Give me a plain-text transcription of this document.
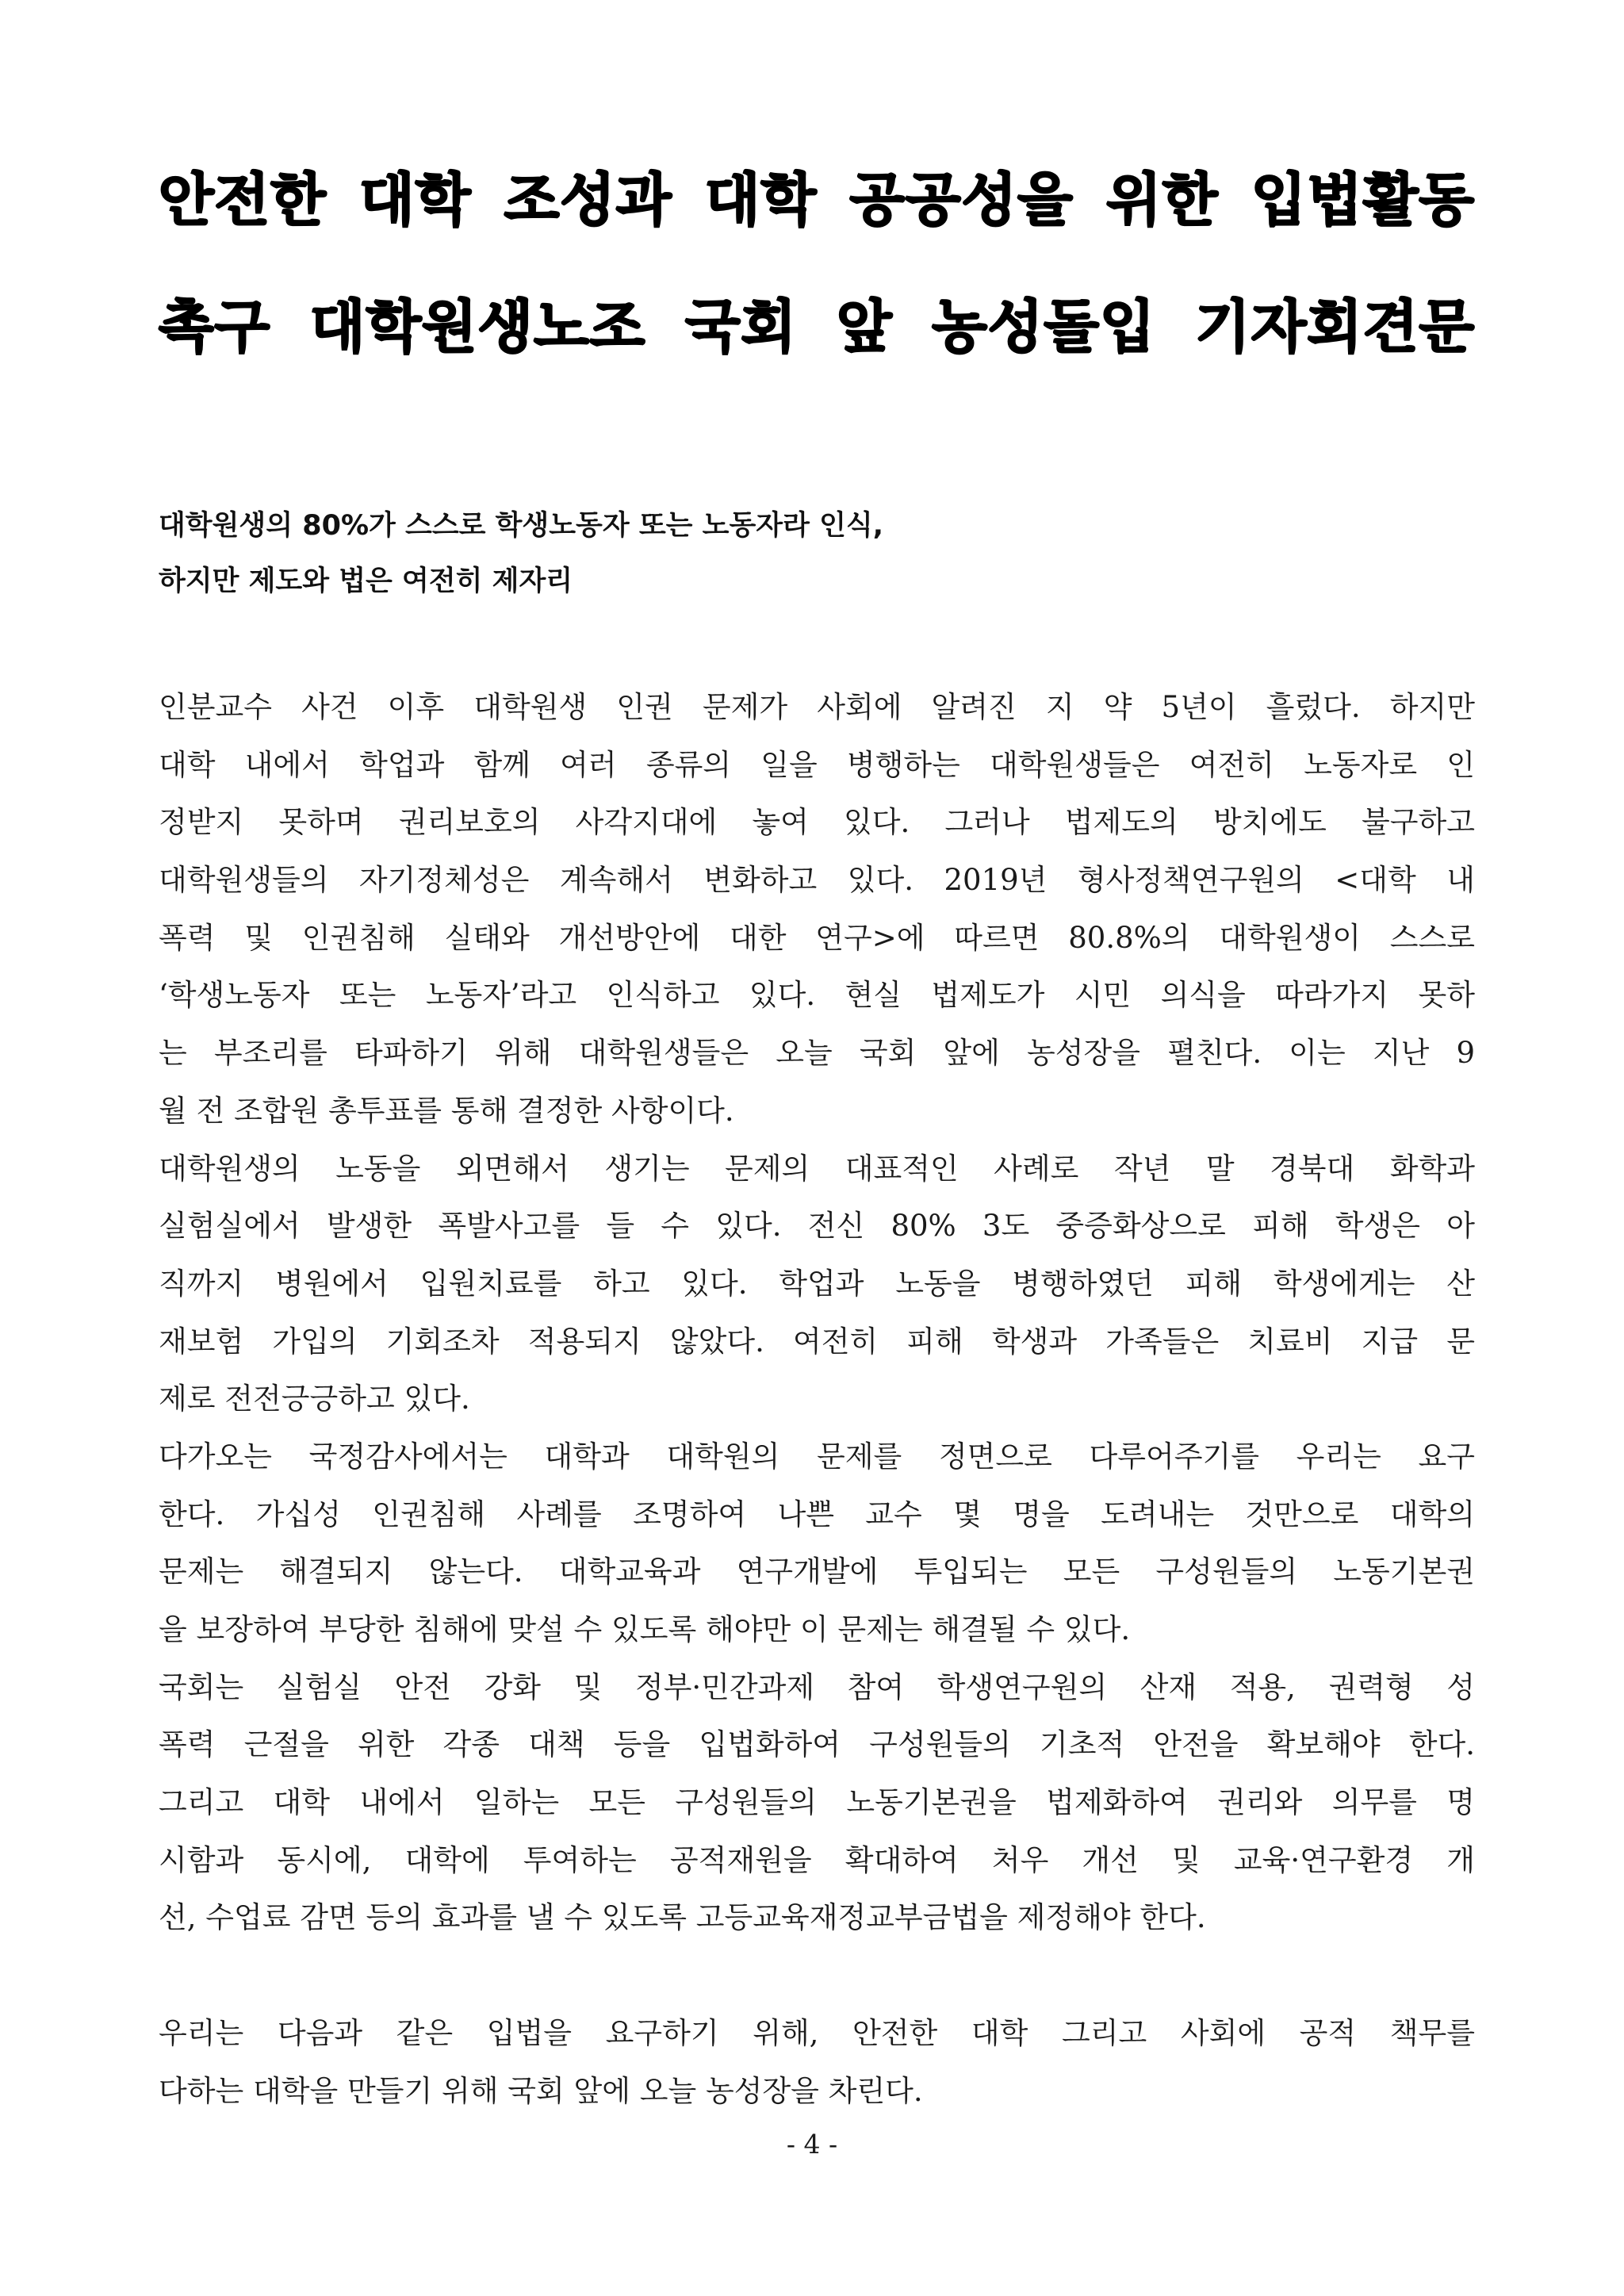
안전한 대학 조성과 대학 공공성을 위한 입법활동
촉구 대학원생노조 국회 앞 농성돌입 기자회견문
대학원생의 80%가 스스로 학생노동자 또는 노동자라 인식,
하지만 제도와 법은 여전히 제자리
인분교수 사건 이후 대학원생 인권 문제가 사회에 알려진 지 약 5년이 흘렀다. 하지만
대학 내에서 학업과 함께 여러 종류의 일을 병행하는 대학원생들은 여전히 노동자로 인
정받지 못하며 권리보호의 사각지대에 놓여 있다. 그러나 법제도의 방치에도 불구하고
대학원생들의 자기정체성은 계속해서 변화하고 있다. 2019년 형사정책연구원의 <대학 내
폭력 및 인권침해 실태와 개선방안에 대한 연구>에 따르면 80.8%의 대학원생이 스스로
‘학생노동자 또는 노동자’라고 인식하고 있다. 현실 법제도가 시민 의식을 따라가지 못하
는 부조리를 타파하기 위해 대학원생들은 오늘 국회 앞에 농성장을 펼친다. 이는 지난 9
월 전 조합원 총투표를 통해 결정한 사항이다.
대학원생의 노동을 외면해서 생기는 문제의 대표적인 사례로 작년 말 경북대 화학과
실험실에서 발생한 폭발사고를 들 수 있다. 전신 80% 3도 중증화상으로 피해 학생은 아
직까지 병원에서 입원치료를 하고 있다. 학업과 노동을 병행하였던 피해 학생에게는 산
재보험 가입의 기회조차 적용되지 않았다. 여전히 피해 학생과 가족들은 치료비 지급 문
제로 전전긍긍하고 있다.
다가오는 국정감사에서는 대학과 대학원의 문제를 정면으로 다루어주기를 우리는 요구
한다. 가십성 인권침해 사례를 조명하여 나쁜 교수 몇 명을 도려내는 것만으로 대학의
문제는 해결되지 않는다. 대학교육과 연구개발에 투입되는 모든 구성원들의 노동기본권
을 보장하여 부당한 침해에 맞설 수 있도록 해야만 이 문제는 해결될 수 있다.
국회는 실험실 안전 강화 및 정부·민간과제 참여 학생연구원의 산재 적용, 권력형 성
폭력 근절을 위한 각종 대책 등을 입법화하여 구성원들의 기초적 안전을 확보해야 한다.
그리고 대학 내에서 일하는 모든 구성원들의 노동기본권을 법제화하여 권리와 의무를 명
시함과 동시에, 대학에 투여하는 공적재원을 확대하여 처우 개선 및 교육·연구환경 개
선, 수업료 감면 등의 효과를 낼 수 있도록 고등교육재정교부금법을 제정해야 한다.
우리는 다음과 같은 입법을 요구하기 위해, 안전한 대학 그리고 사회에 공적 책무를
다하는 대학을 만들기 위해 국회 앞에 오늘 농성장을 차린다.
- 4 -
